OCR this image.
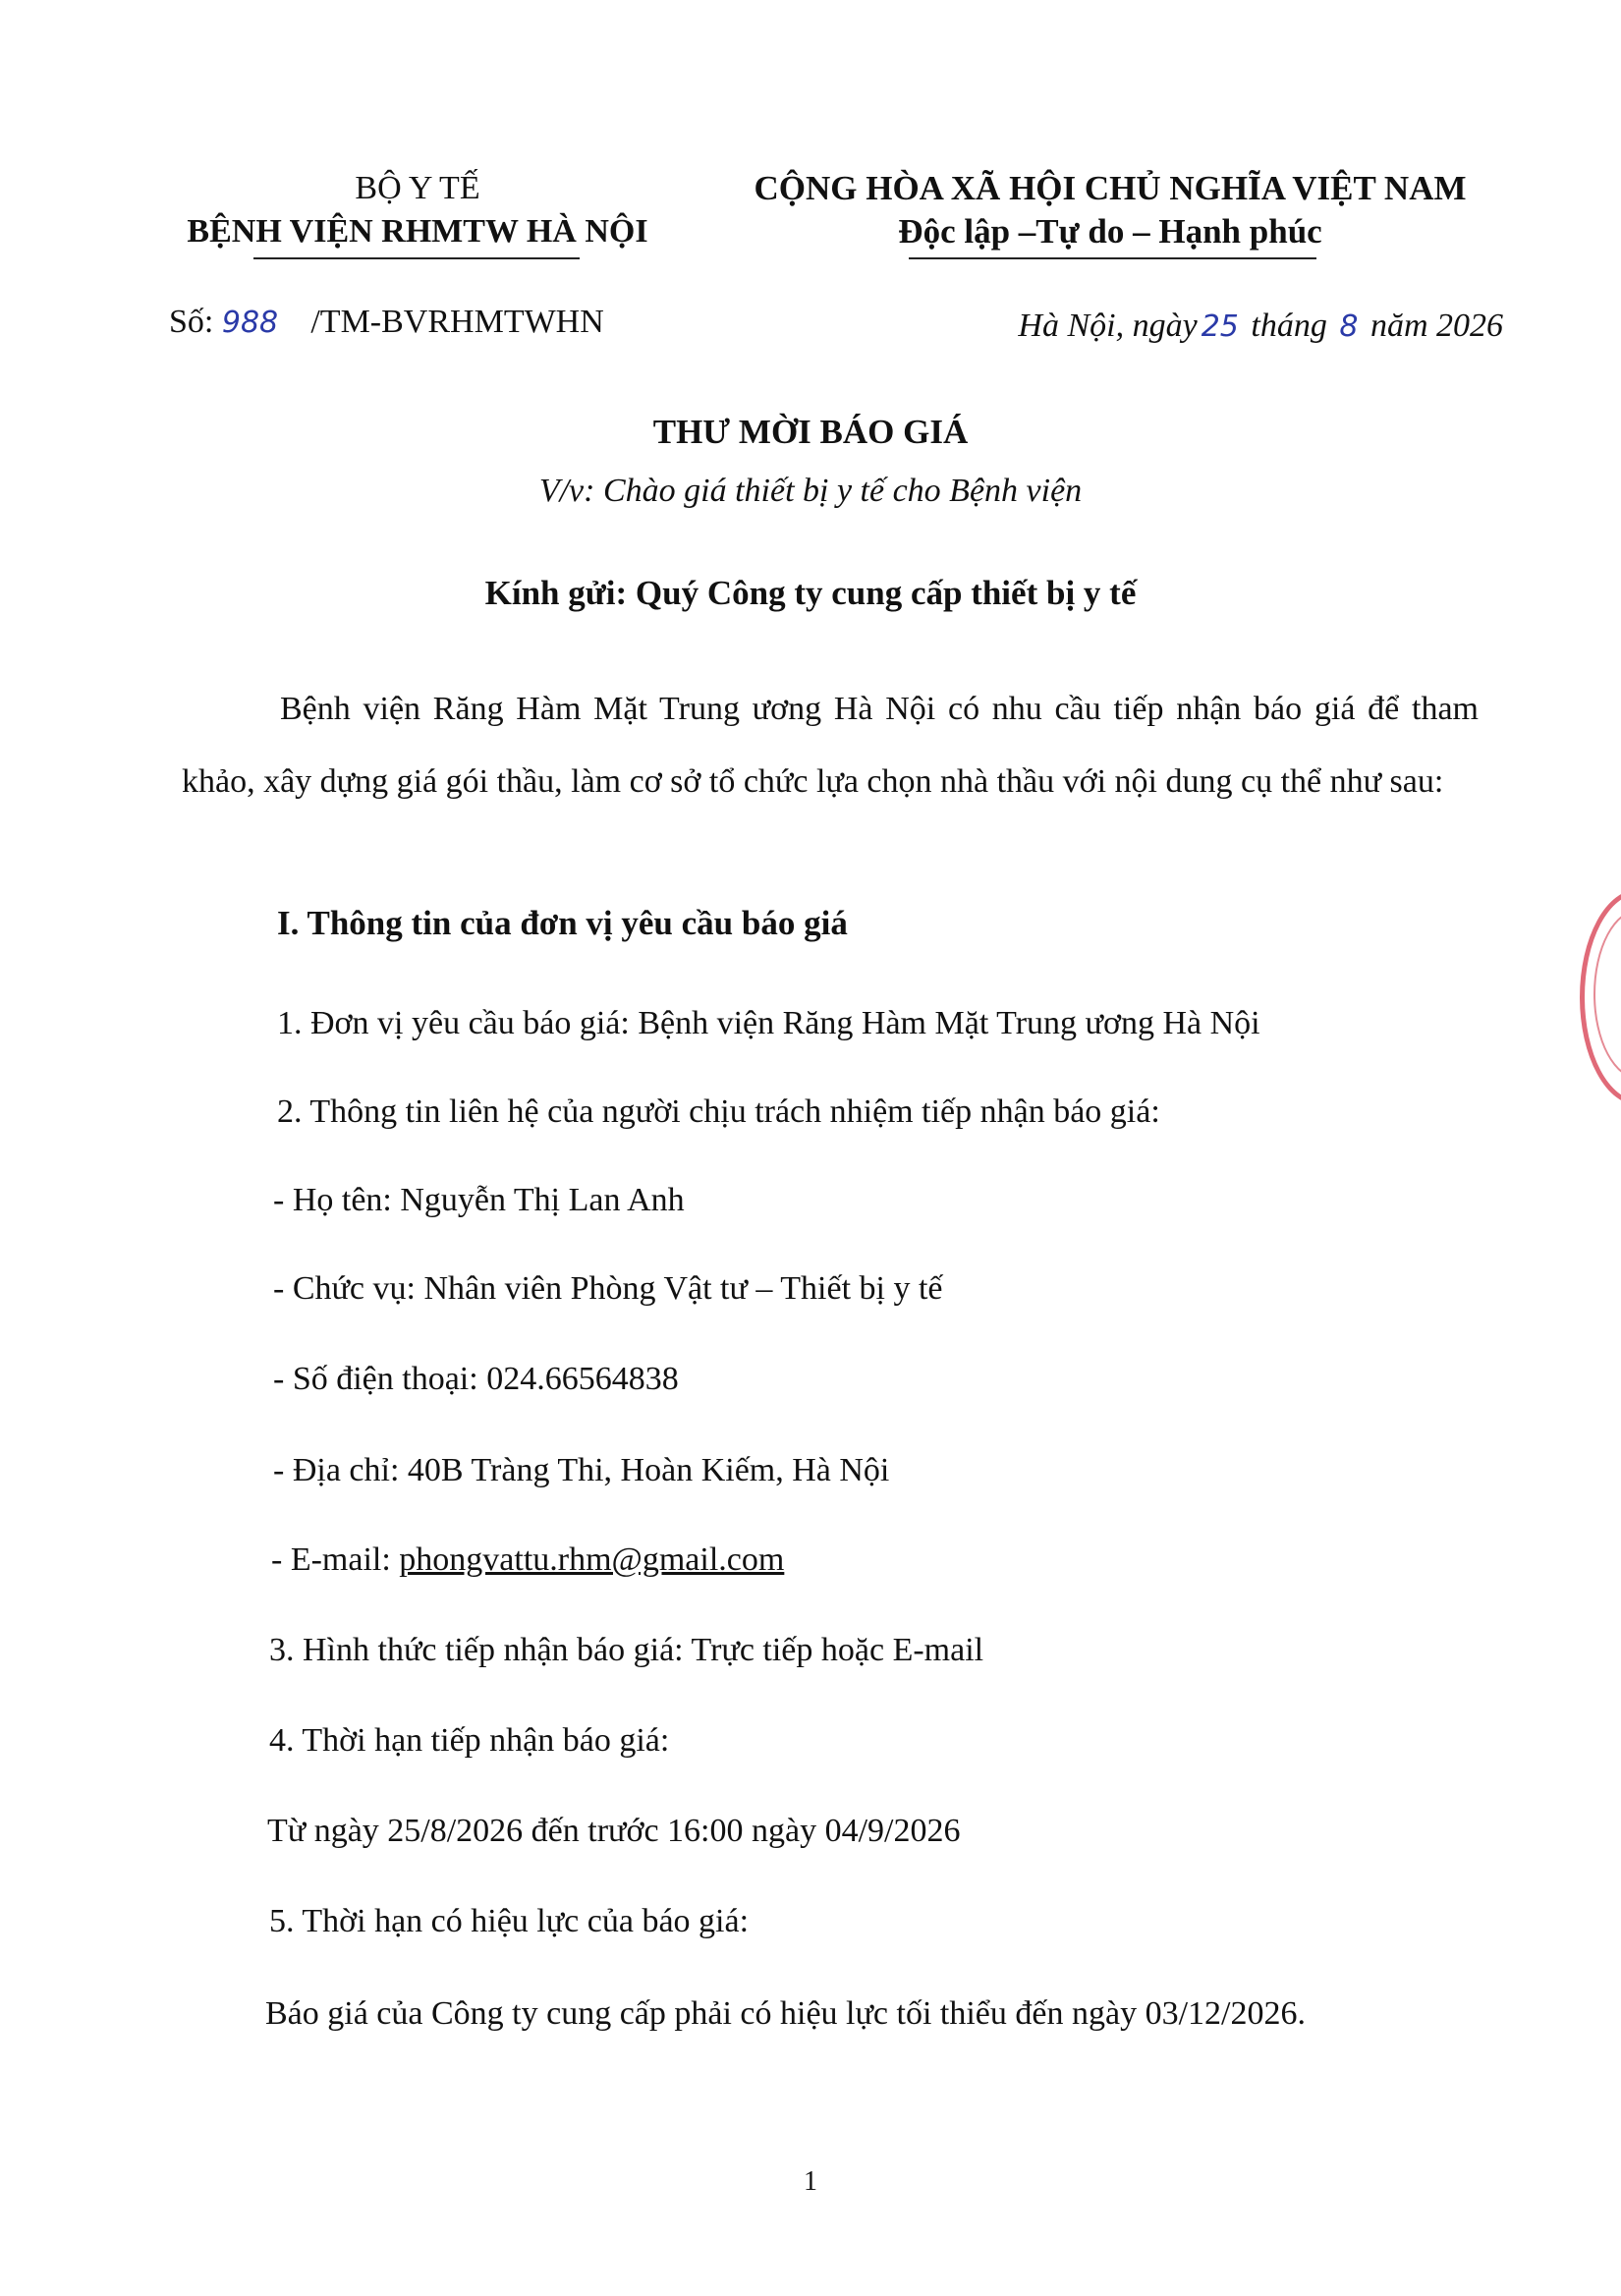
BỘ Y TẾ
BỆNH VIỆN RHMTW HÀ NỘI
CỘNG HÒA XÃ HỘI CHỦ NGHĨA VIỆT NAM
Độc lập –Tự do – Hạnh phúc
Số: 988 /TM-BVRHMTWHN	Hà Nội, ngày 25 tháng 8 năm 2026
THƯ MỜI BÁO GIÁ
V/v: Chào giá thiết bị y tế cho Bệnh viện
Kính gửi: Quý Công ty cung cấp thiết bị y tế
Bệnh viện Răng Hàm Mặt Trung ương Hà Nội có nhu cầu tiếp nhận báo giá để tham khảo, xây dựng giá gói thầu, làm cơ sở tổ chức lựa chọn nhà thầu với nội dung cụ thể như sau:
I. Thông tin của đơn vị yêu cầu báo giá
1. Đơn vị yêu cầu báo giá: Bệnh viện Răng Hàm Mặt Trung ương Hà Nội
2. Thông tin liên hệ của người chịu trách nhiệm tiếp nhận báo giá:
- Họ tên: Nguyễn Thị Lan Anh
- Chức vụ: Nhân viên Phòng Vật tư – Thiết bị y tế
- Số điện thoại: 024.66564838
- Địa chỉ: 40B Tràng Thi, Hoàn Kiếm, Hà Nội
- E-mail: phongvattu.rhm@gmail.com
3. Hình thức tiếp nhận báo giá: Trực tiếp hoặc E-mail
4. Thời hạn tiếp nhận báo giá:
Từ ngày 25/8/2026 đến trước 16:00 ngày 04/9/2026
5. Thời hạn có hiệu lực của báo giá:
Báo giá của Công ty cung cấp phải có hiệu lực tối thiểu đến ngày 03/12/2026.
1
